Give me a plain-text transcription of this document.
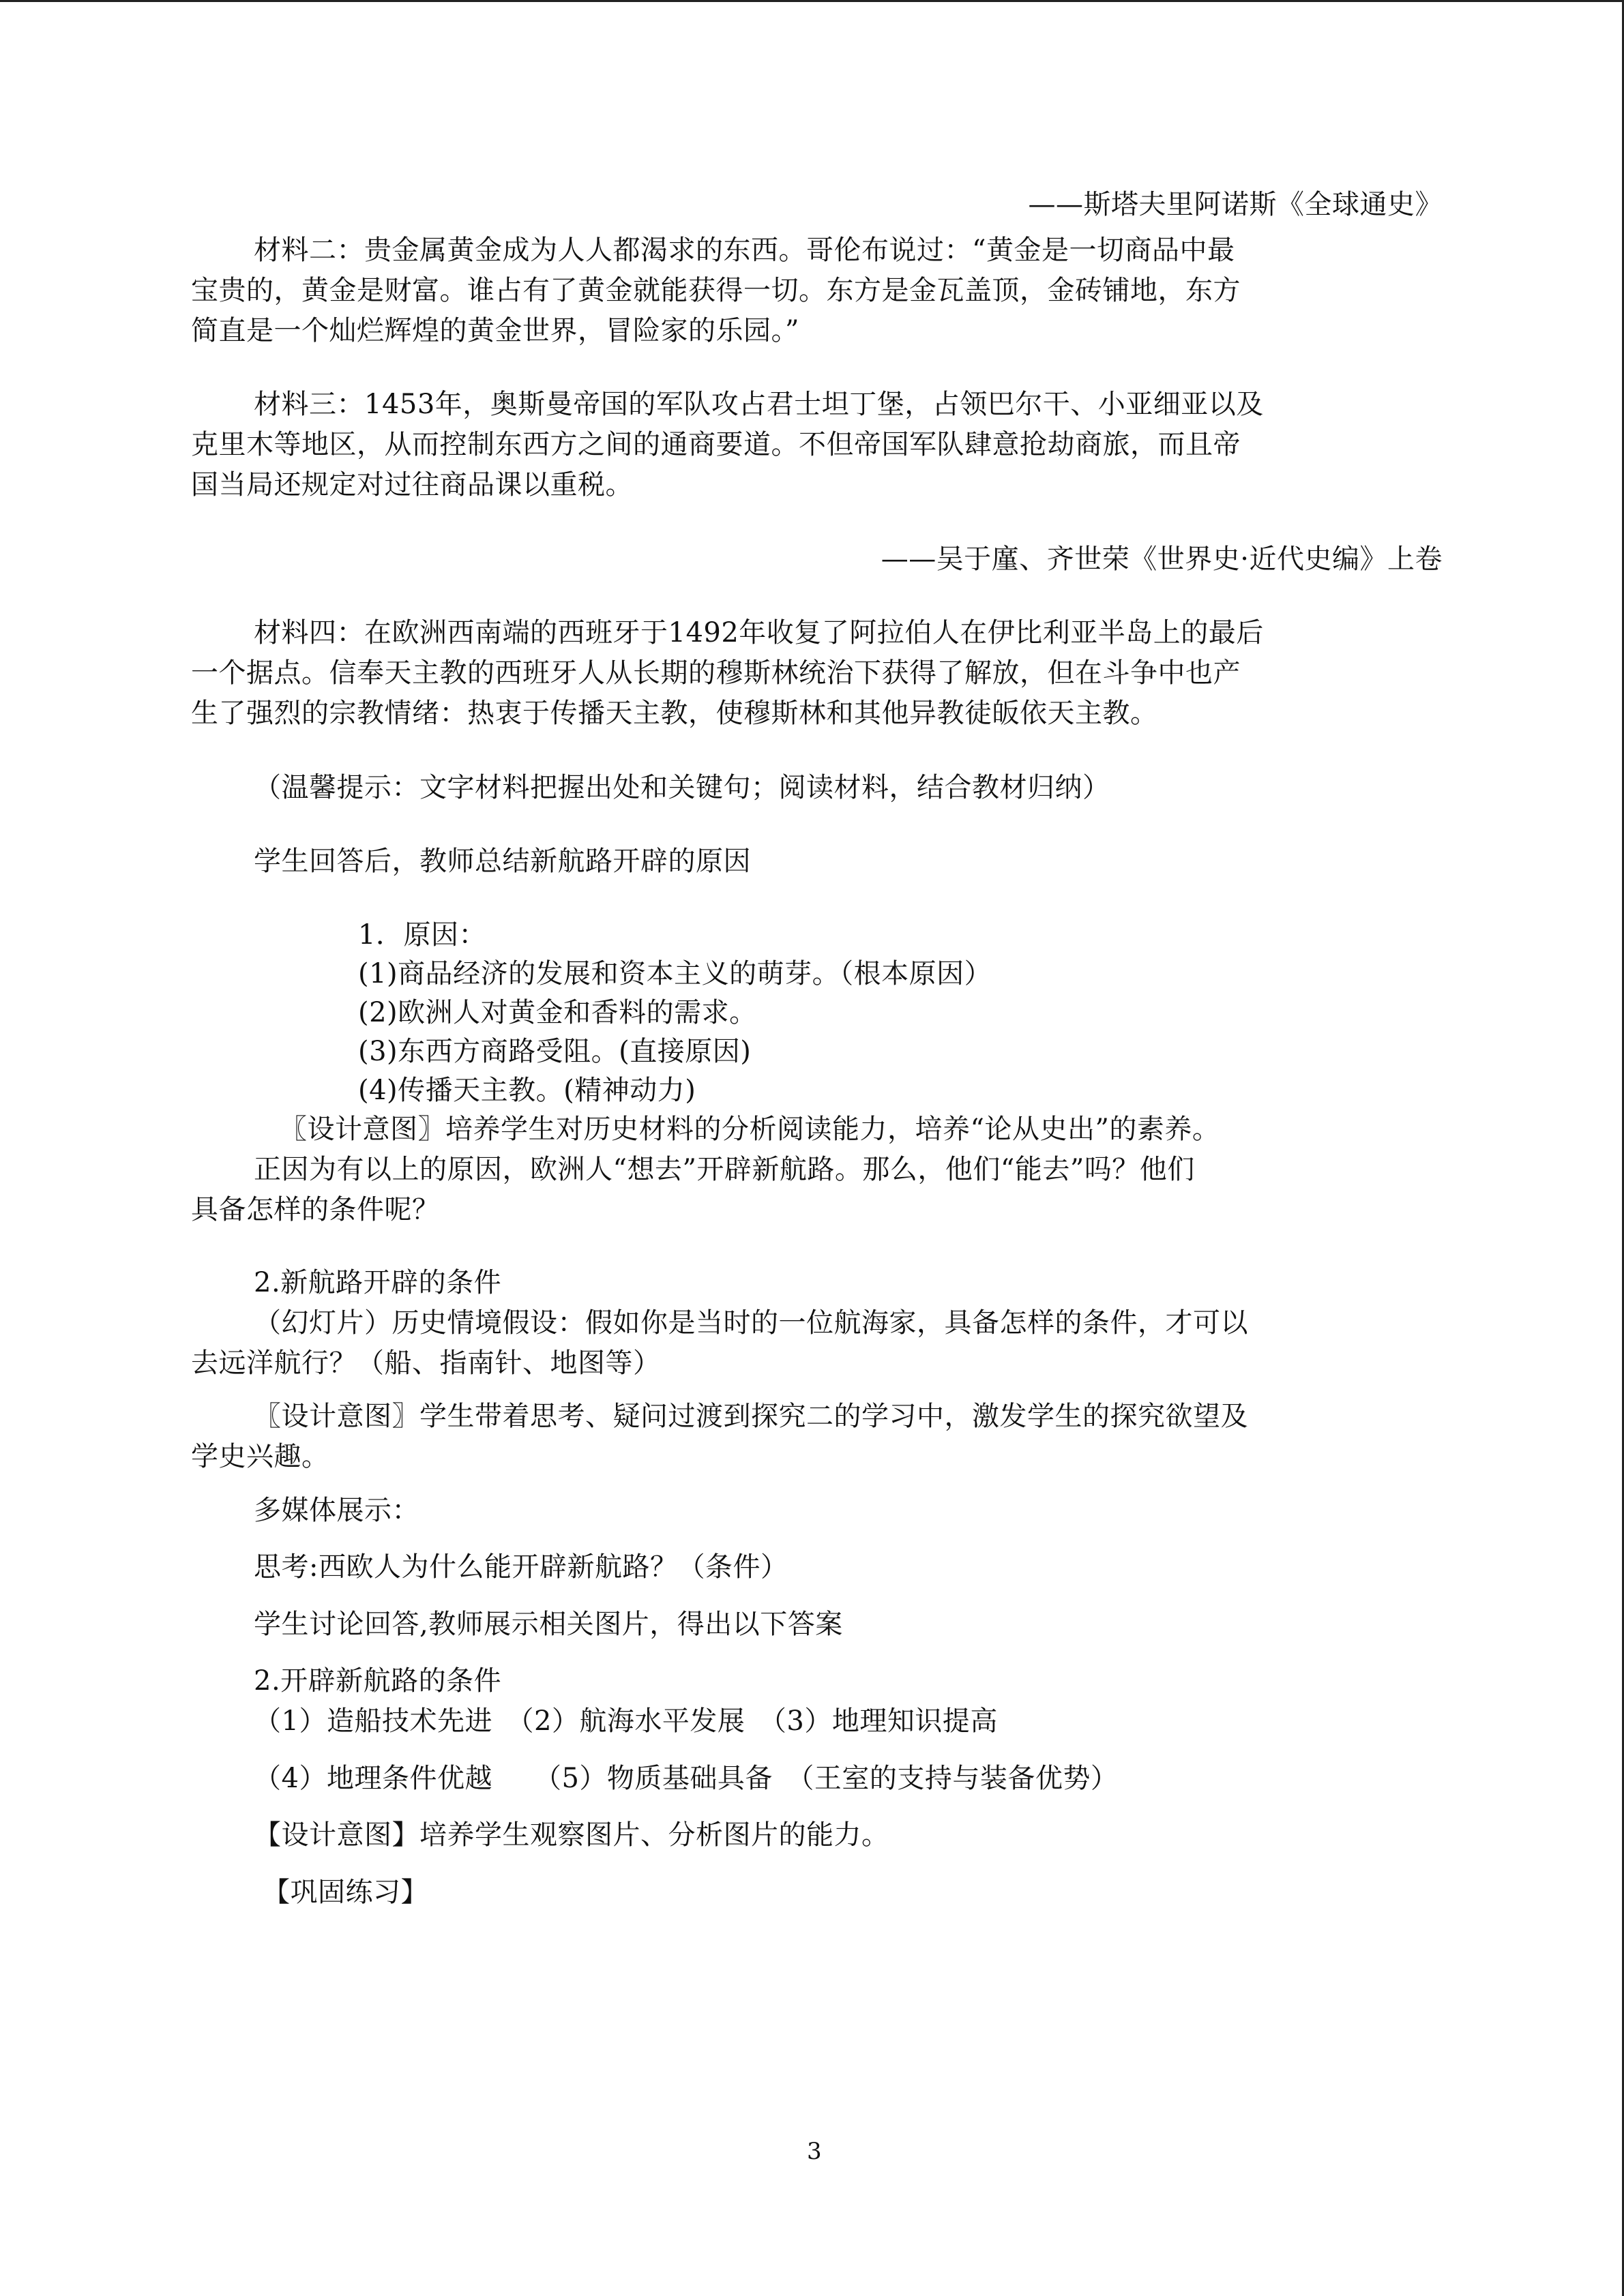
——斯塔夫里阿诺斯《全球通史》
材料二：贵金属黄金成为人人都渴求的东西。哥伦布说过：“黄金是一切商品中最
宝贵的，黄金是财富。谁占有了黄金就能获得一切。东方是金瓦盖顶，金砖铺地，东方
简直是一个灿烂辉煌的黄金世界，冒险家的乐园。”
材料三：1453年，奥斯曼帝国的军队攻占君士坦丁堡，占领巴尔干、小亚细亚以及
克里木等地区，从而控制东西方之间的通商要道。不但帝国军队肆意抢劫商旅，而且帝
国当局还规定对过往商品课以重税。
——吴于廑、齐世荣《世界史·近代史编》上卷
材料四：在欧洲西南端的西班牙于1492年收复了阿拉伯人在伊比利亚半岛上的最后
一个据点。信奉天主教的西班牙人从长期的穆斯林统治下获得了解放，但在斗争中也产
生了强烈的宗教情绪：热衷于传播天主教，使穆斯林和其他异教徒皈依天主教。
（温馨提示：文字材料把握出处和关键句；阅读材料，结合教材归纳）
学生回答后，教师总结新航路开辟的原因
1．原因：
(1)商品经济的发展和资本主义的萌芽。（根本原因）
(2)欧洲人对黄金和香料的需求。
(3)东西方商路受阻。(直接原因)
(4)传播天主教。(精神动力)
〖设计意图〗培养学生对历史材料的分析阅读能力，培养“论从史出”的素养。
正因为有以上的原因，欧洲人“想去”开辟新航路。那么，他们“能去”吗？他们
具备怎样的条件呢？
2.新航路开辟的条件
（幻灯片）历史情境假设：假如你是当时的一位航海家，具备怎样的条件，才可以
去远洋航行？（船、指南针、地图等）
〖设计意图〗学生带着思考、疑问过渡到探究二的学习中，激发学生的探究欲望及
学史兴趣。
多媒体展示：
思考:西欧人为什么能开辟新航路？（条件）
学生讨论回答,教师展示相关图片，得出以下答案
2.开辟新航路的条件
（1）造船技术先进　（2）航海水平发展　（3）地理知识提高
（4）地理条件优越　　（5）物质基础具备　（王室的支持与装备优势）
【设计意图】培养学生观察图片、分析图片的能力。
【巩固练习】
3
